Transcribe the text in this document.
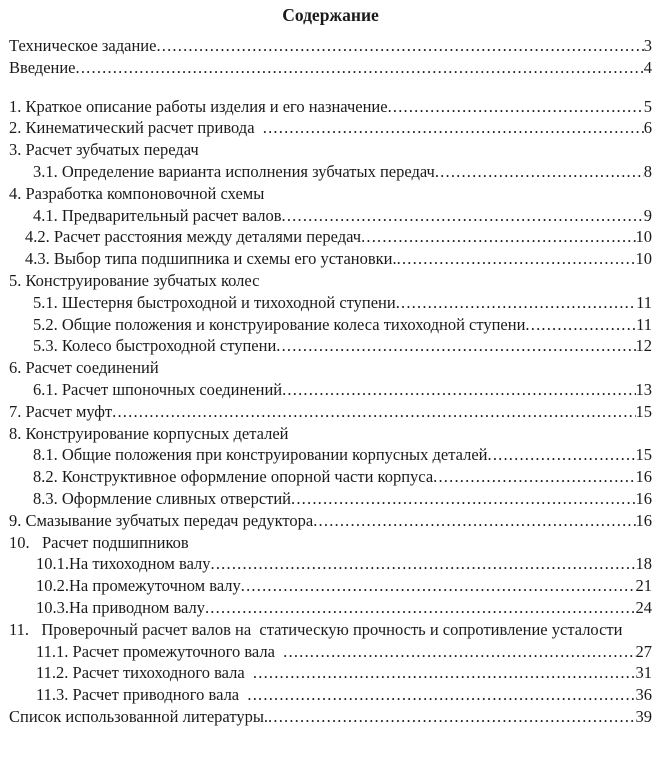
Содержание
Техническое задание .....	3
Введение .....	4
1. Краткое описание работы изделия и его назначение .....	5
2. Кинематический расчет привода .....	6
3. Расчет зубчатых передач
3.1. Определение варианта исполнения зубчатых передач .....	8
4. Разработка компоновочной схемы
4.1. Предварительный расчет валов .....	9
4.2. Расчет расстояния между деталями передач .....	10
4.3. Выбор типа подшипника и схемы его установки. .....	10
5. Конструирование зубчатых колес
5.1. Шестерня быстроходной и тихоходной ступени .....	11
5.2. Общие положения и конструирование колеса тихоходной ступени .....	11
5.3. Колесо быстроходной ступени .....	12
6. Расчет соединений
6.1. Расчет шпоночных соединений .....	13
7. Расчет муфт .....	15
8. Конструирование корпусных деталей
8.1. Общие положения при конструировании корпусных деталей .....	15
8.2. Конструктивное оформление опорной части корпуса .....	16
8.3. Оформление сливных отверстий .....	16
9. Смазывание зубчатых передач редуктора .....	16
10.   Расчет подшипников
10.1.На тихоходном валу .....	18
10.2.На промежуточном валу .....	21
10.3.На приводном валу .....	24
11.   Проверочный расчет валов на  статическую прочность и сопротивление усталости
11.1. Расчет промежуточного вала .....	27
11.2. Расчет тихоходного вала .....	31
11.3. Расчет приводного вала .....	36
Список использованной литературы. .....	39
